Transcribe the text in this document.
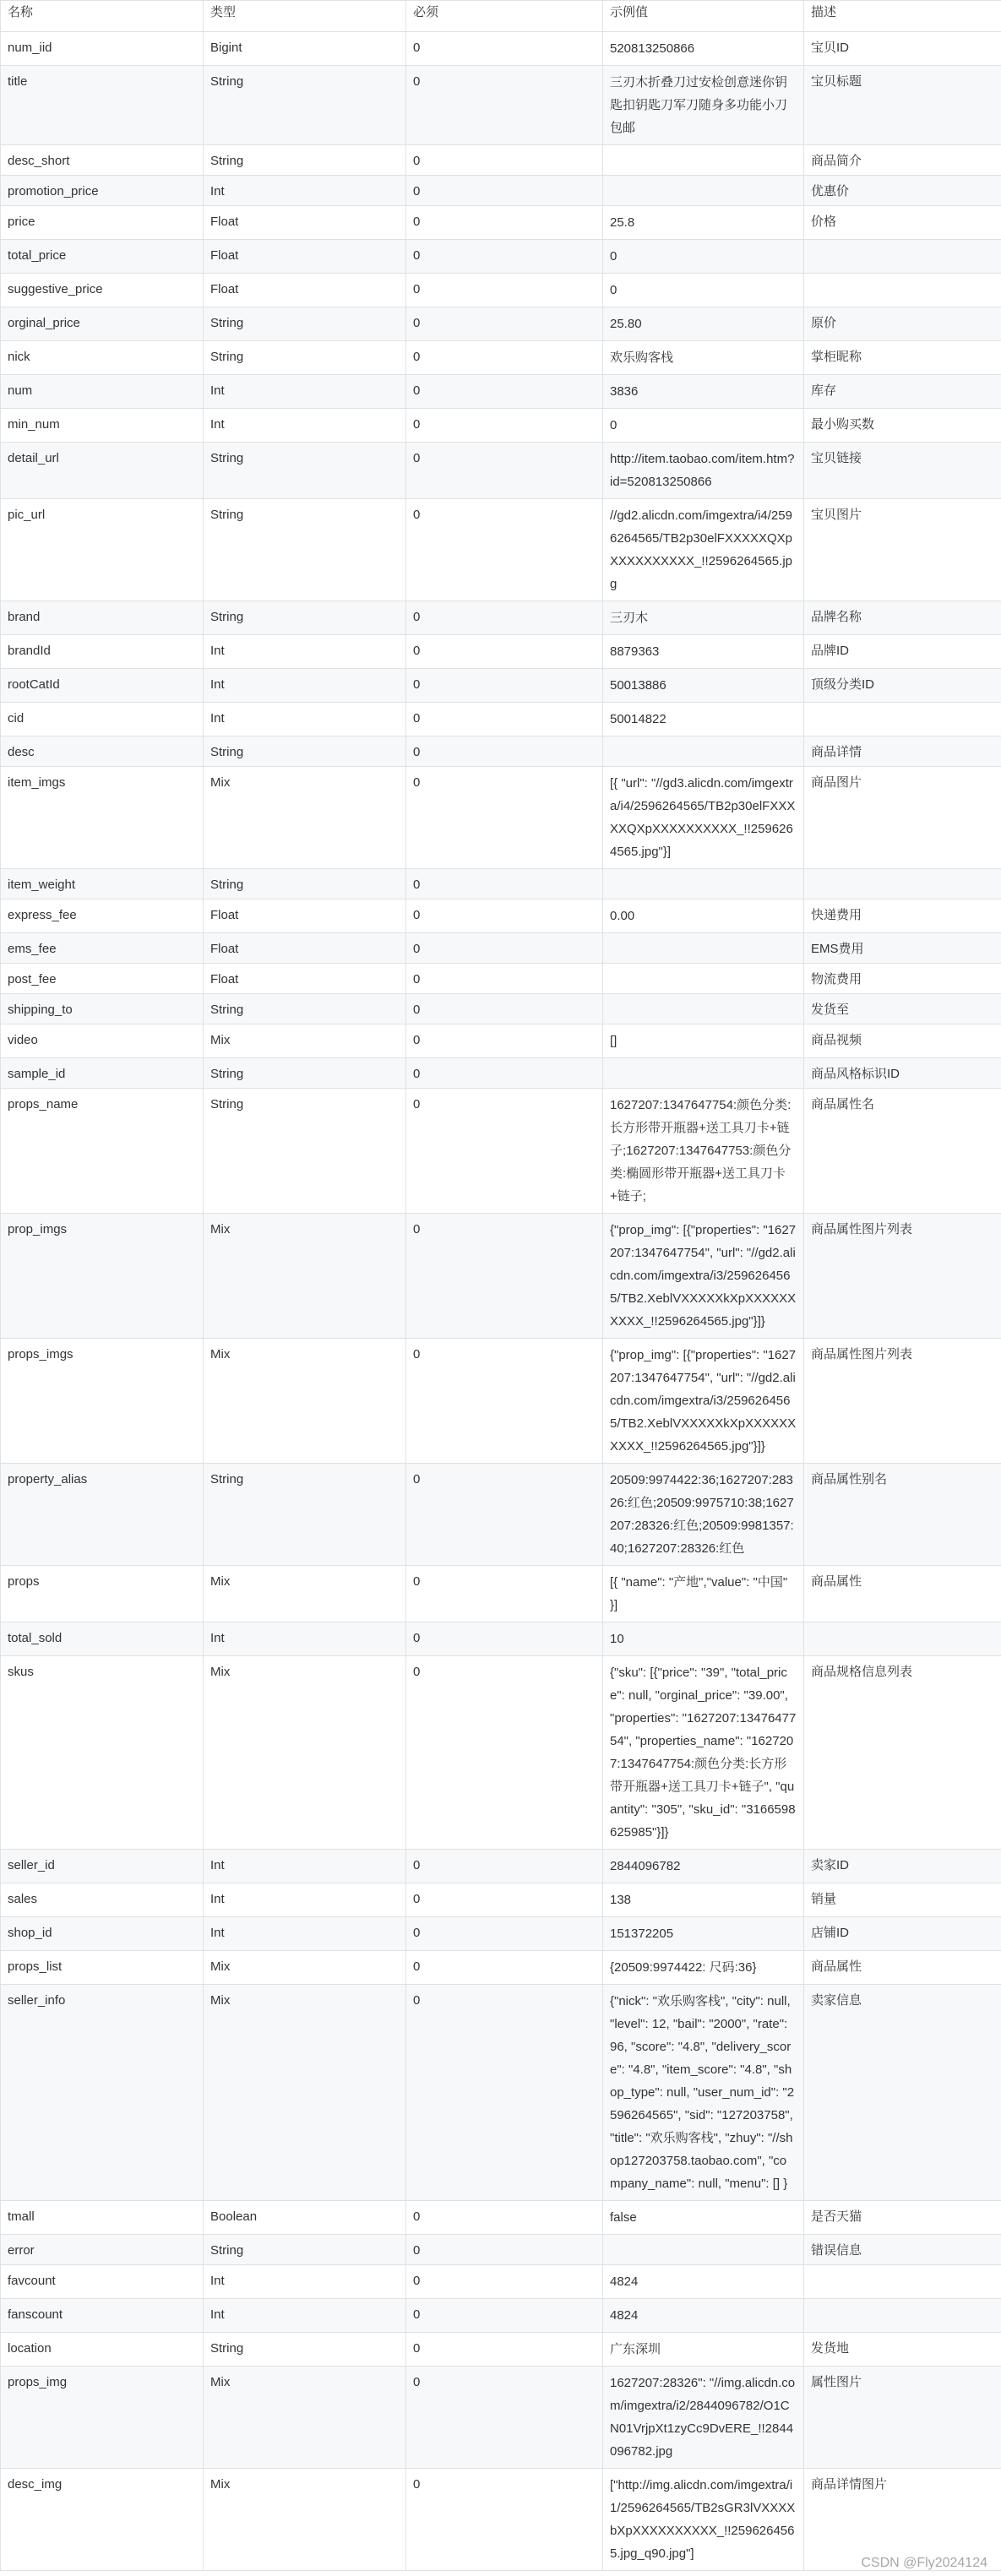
名称	类型	必须	示例值	描述
num_iid	Bigint	0	520813250866	宝贝ID
title	String	0	三刃木折叠刀过安检创意迷你钥匙扣钥匙刀军刀随身多功能小刀包邮	宝贝标题
desc_short	String	0		商品简介
promotion_price	Int	0		优惠价
price	Float	0	25.8	价格
total_price	Float	0	0	
suggestive_price	Float	0	0	
orginal_price	String	0	25.80	原价
nick	String	0	欢乐购客栈	掌柜昵称
num	Int	0	3836	库存
min_num	Int	0	0	最小购买数
detail_url	String	0	http://item.taobao.com/item.htm?id=520813250866	宝贝链接
pic_url	String	0	//gd2.alicdn.com/imgextra/i4/2596264565/TB2p30elFXXXXXQXpXXXXXXXXXX_!!2596264565.jpg	宝贝图片
brand	String	0	三刃木	品牌名称
brandId	Int	0	8879363	品牌ID
rootCatId	Int	0	50013886	顶级分类ID
cid	Int	0	50014822	
desc	String	0		商品详情
item_imgs	Mix	0	[{ "url": "//gd3.alicdn.com/imgextra/i4/2596264565/TB2p30elFXXXXXQXpXXXXXXXXXX_!!2596264565.jpg"}]	商品图片
item_weight	String	0		
express_fee	Float	0	0.00	快递费用
ems_fee	Float	0		EMS费用
post_fee	Float	0		物流费用
shipping_to	String	0		发货至
video	Mix	0	[]	商品视频
sample_id	String	0		商品风格标识ID
props_name	String	0	1627207:1347647754:颜色分类:长方形带开瓶器+送工具刀卡+链子;1627207:1347647753:颜色分类:椭圆形带开瓶器+送工具刀卡+链子;	商品属性名
prop_imgs	Mix	0	{"prop_img": [{"properties": "1627207:1347647754", "url": "//gd2.alicdn.com/imgextra/i3/2596264565/TB2.XeblVXXXXXkXpXXXXXXXXXX_!!2596264565.jpg"}]}	商品属性图片列表
props_imgs	Mix	0	{"prop_img": [{"properties": "1627207:1347647754", "url": "//gd2.alicdn.com/imgextra/i3/2596264565/TB2.XeblVXXXXXkXpXXXXXXXXXX_!!2596264565.jpg"}]}	商品属性图片列表
property_alias	String	0	20509:9974422:36;1627207:28326:红色;20509:9975710:38;1627207:28326:红色;20509:9981357:40;1627207:28326:红色	商品属性别名
props	Mix	0	[{ "name": "产地","value": "中国" }]	商品属性
total_sold	Int	0	10	
skus	Mix	0	{"sku": [{"price": "39", "total_price": null, "orginal_price": "39.00", "properties": "1627207:1347647754", "properties_name": "1627207:1347647754:颜色分类:长方形带开瓶器+送工具刀卡+链子", "quantity": "305", "sku_id": "3166598625985"}]}	商品规格信息列表
seller_id	Int	0	2844096782	卖家ID
sales	Int	0	138	销量
shop_id	Int	0	151372205	店铺ID
props_list	Mix	0	{20509:9974422: 尺码:36}	商品属性
seller_info	Mix	0	{"nick": "欢乐购客栈", "city": null, "level": 12, "bail": "2000", "rate": 96, "score": "4.8", "delivery_score": "4.8", "item_score": "4.8", "shop_type": null, "user_num_id": "2596264565", "sid": "127203758", "title": "欢乐购客栈", "zhuy": "//shop127203758.taobao.com", "company_name": null, "menu": [] }	卖家信息
tmall	Boolean	0	false	是否天猫
error	String	0		错误信息
favcount	Int	0	4824	
fanscount	Int	0	4824	
location	String	0	广东深圳	发货地
props_img	Mix	0	1627207:28326": "//img.alicdn.com/imgextra/i2/2844096782/O1CN01VrjpXt1zyCc9DvERE_!!2844096782.jpg	属性图片
desc_img	Mix	0	["http://img.alicdn.com/imgextra/i1/2596264565/TB2sGR3lVXXXXbXpXXXXXXXXXX_!!2596264565.jpg_q90.jpg"]	商品详情图片
CSDN @Fly2024124
